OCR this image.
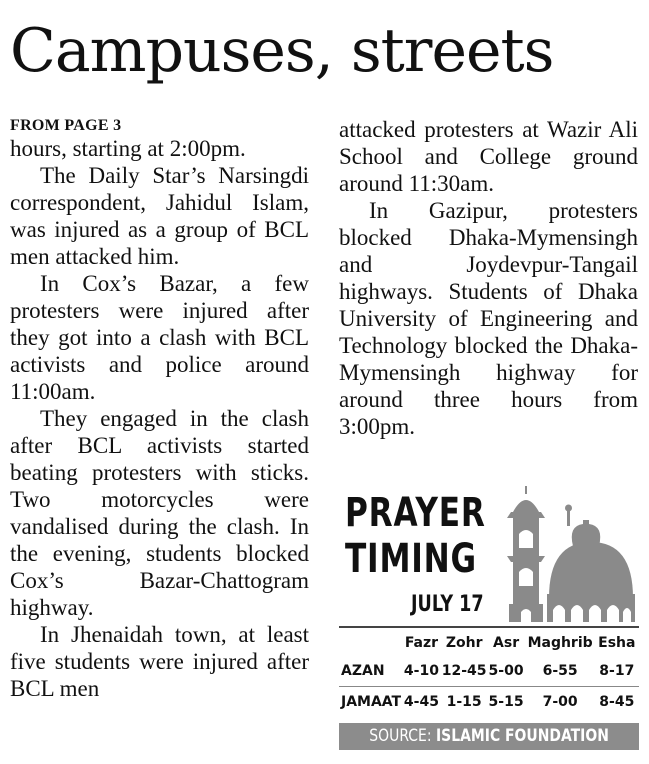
Campuses, streets
FROM PAGE 3

hours, starting at 2:00pm.

The Daily Star’s Narsingdi correspondent, Jahidul Islam, was injured as a group of BCL men attacked him.

In Cox’s Bazar, a few protesters were injured after they got into a clash with BCL activists and police around 11:00am.

They engaged in the clash after BCL activists started beating protesters with sticks. Two motorcycles were vandalised during the clash. In the evening, students blocked Cox’s Bazar-Chattogram highway.

In Jhenaidah town, at least five students were injured after BCL men

attacked protesters at Wazir Ali School and College ground around 11:30am.

In Gazipur, protesters blocked Dhaka-Mymensingh and Joydevpur-Tangail highways. Students of Dhaka University of Engineering and Technology blocked the Dhaka-Mymensingh highway for around three hours from 3:00pm.

PRAYER
TIMING
JULY 17
	Fazr	Zohr	Asr	Maghrib	Esha
AZAN	4-10	12-45	5-00	6-55	8-17
JAMAAT	4-45	1-15	5-15	7-00	8-45
SOURCE: ISLAMIC FOUNDATION
